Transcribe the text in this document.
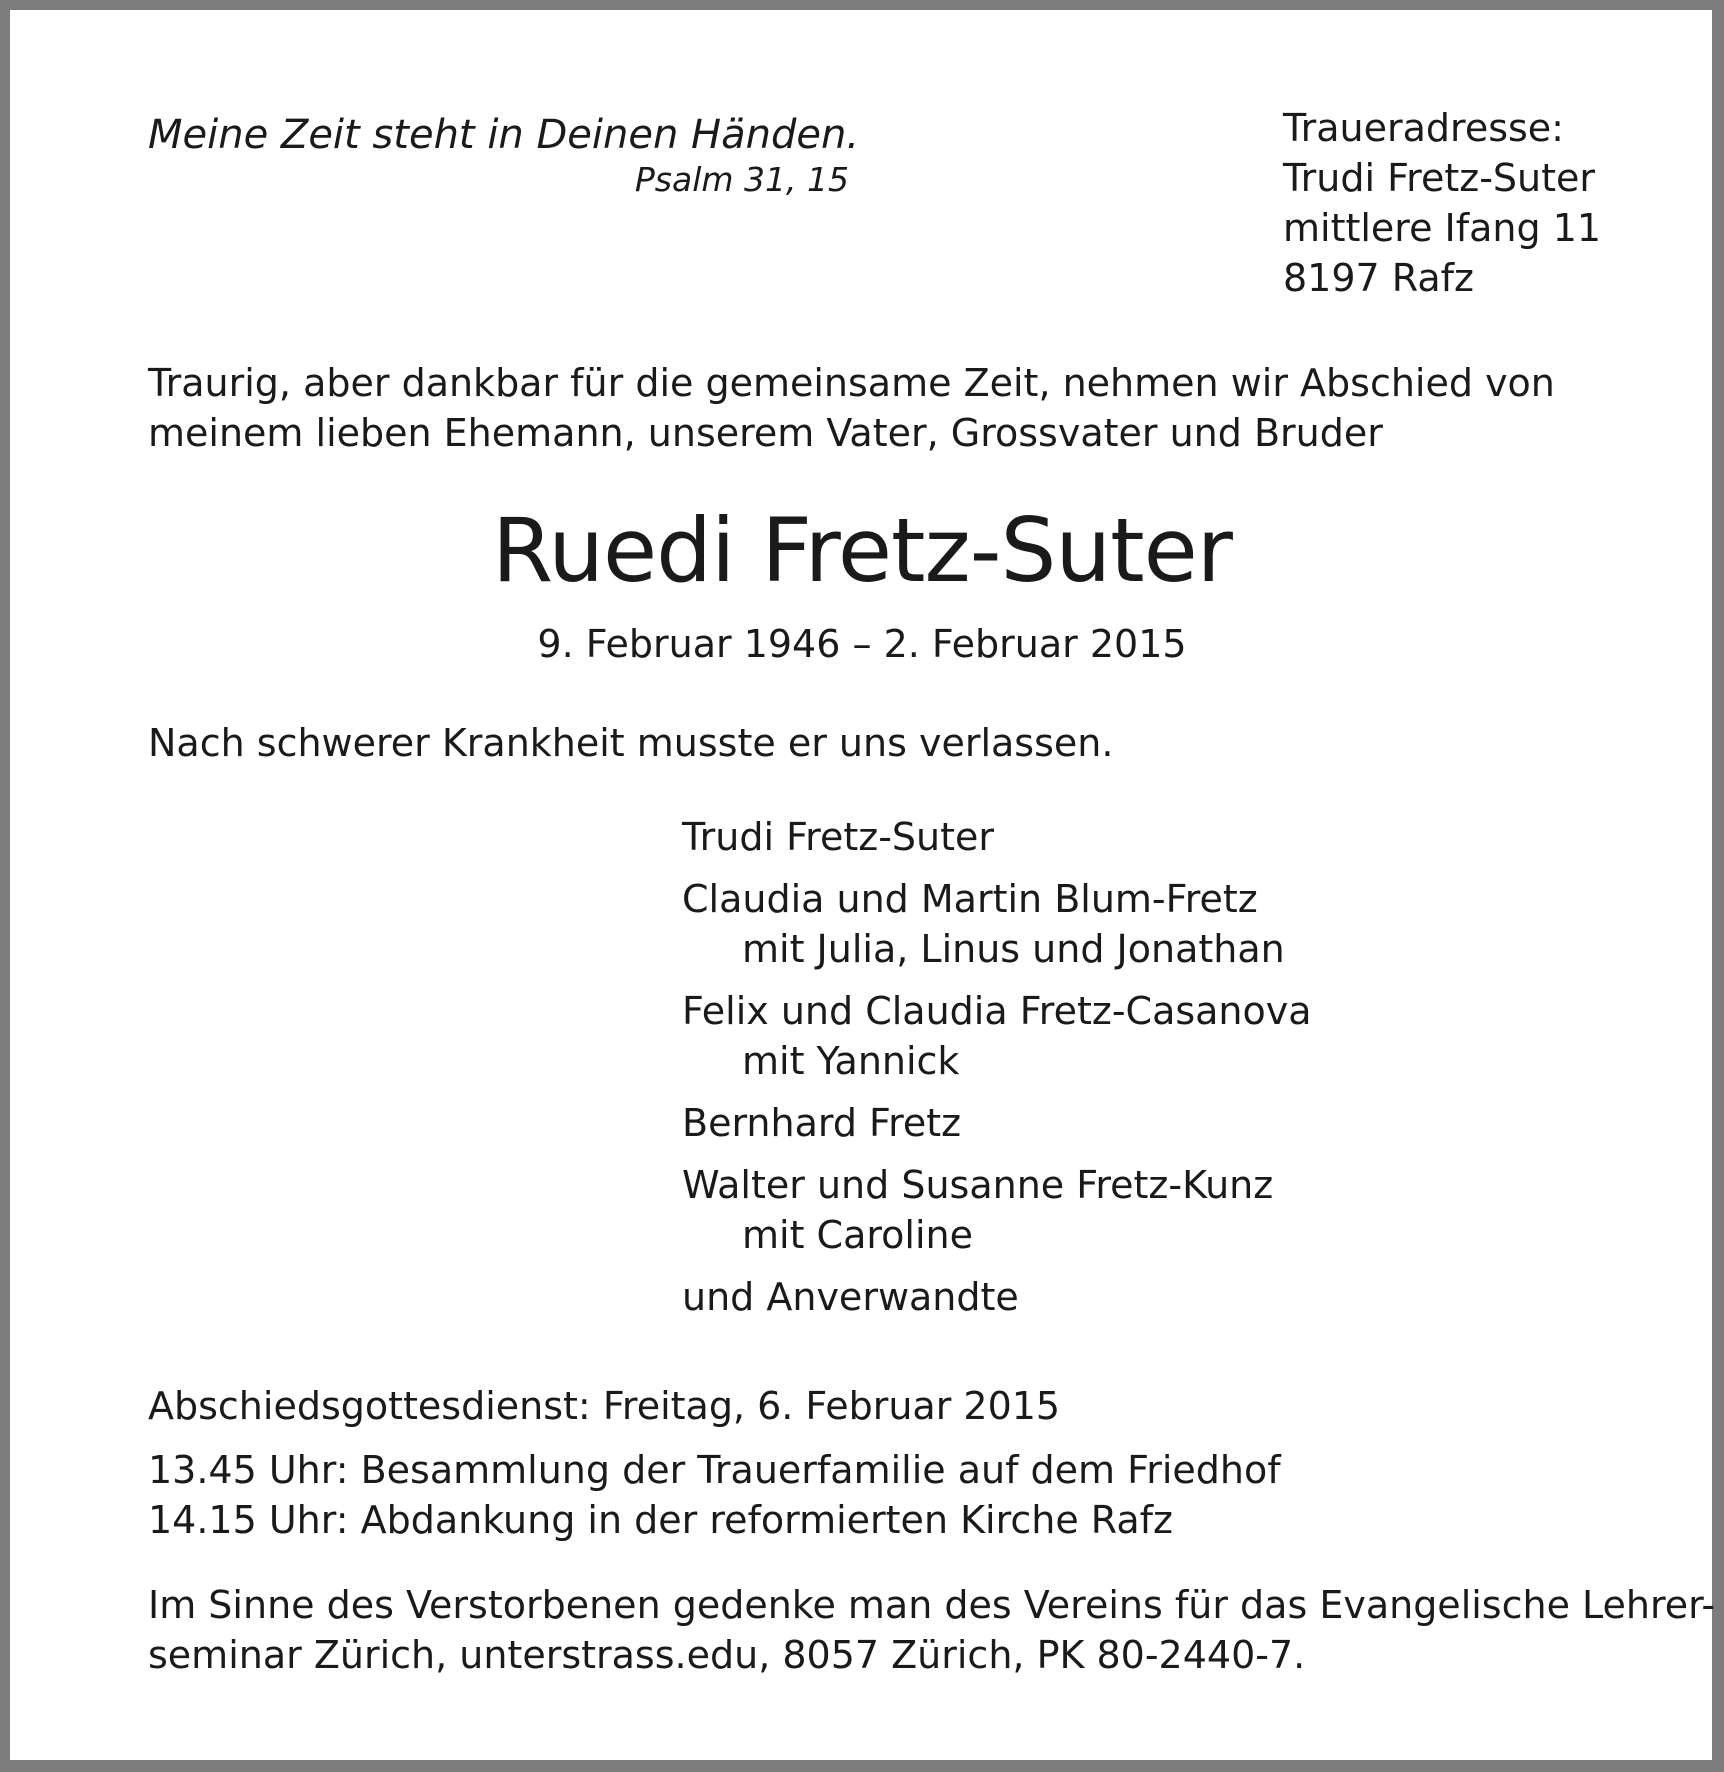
Meine Zeit steht in Deinen Händen.
Psalm 31, 15
Traueradresse:
Trudi Fretz-Suter
mittlere Ifang 11
8197 Rafz
Traurig, aber dankbar für die gemeinsame Zeit, nehmen wir Abschied von
meinem lieben Ehemann, unserem Vater, Grossvater und Bruder
Ruedi Fretz-Suter
9. Februar 1946 – 2. Februar 2015
Nach schwerer Krankheit musste er uns verlassen.
Trudi Fretz-Suter
Claudia und Martin Blum-Fretz
mit Julia, Linus und Jonathan
Felix und Claudia Fretz-Casanova
mit Yannick
Bernhard Fretz
Walter und Susanne Fretz-Kunz
mit Caroline
und Anverwandte
Abschiedsgottesdienst: Freitag, 6. Februar 2015
13.45 Uhr: Besammlung der Trauerfamilie auf dem Friedhof
14.15 Uhr: Abdankung in der reformierten Kirche Rafz
Im Sinne des Verstorbenen gedenke man des Vereins für das Evangelische Lehrer-
seminar Zürich, unterstrass.edu, 8057 Zürich, PK 80-2440-7.
